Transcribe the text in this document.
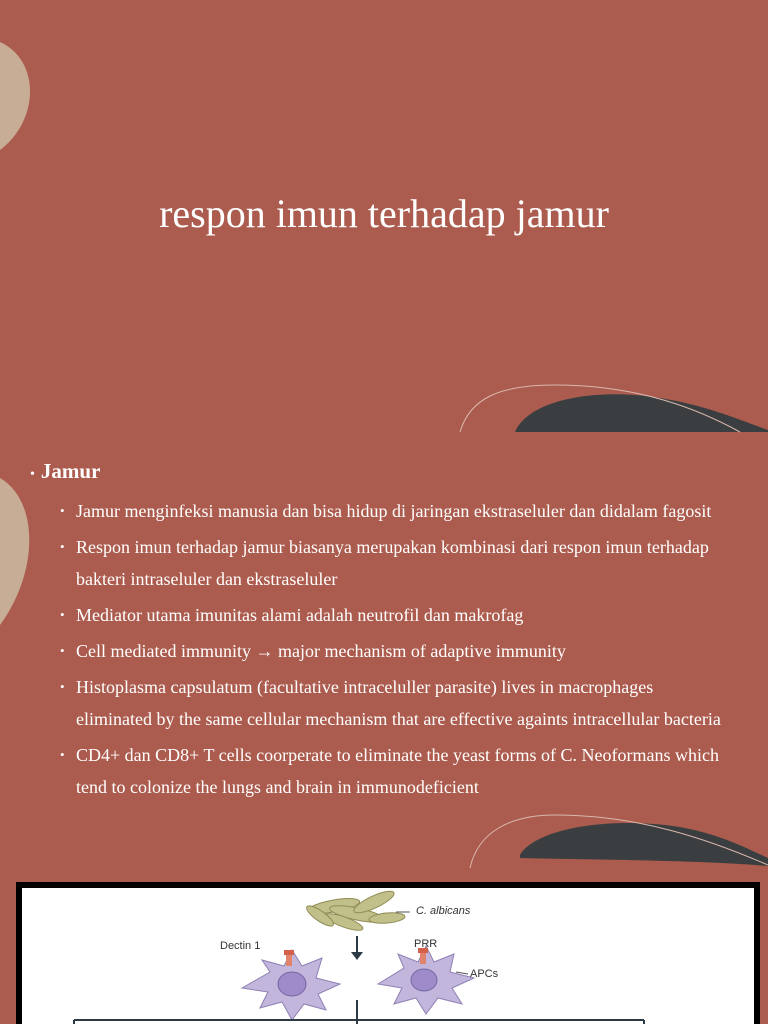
respon imun terhadap jamur
• Jamur
• Jamur menginfeksi manusia dan bisa hidup di jaringan ekstraseluler dan didalam fagosit
• Respon imun terhadap jamur biasanya merupakan kombinasi dari respon imun terhadap bakteri intraseluler dan ekstraseluler
• Mediator utama imunitas alami adalah neutrofil dan makrofag
• Cell mediated immunity → major mechanism of adaptive immunity
• Histoplasma capsulatum (facultative intraceluller parasite) lives in macrophages eliminated by the same cellular mechanism that are effective againts intracellular bacteria
• CD4+ dan CD8+ T cells coorperate to eliminate the yeast forms of C. Neoformans which tend to colonize the lungs and brain in immunodeficient
C. albicans
Dectin 1	PRR
APCs
